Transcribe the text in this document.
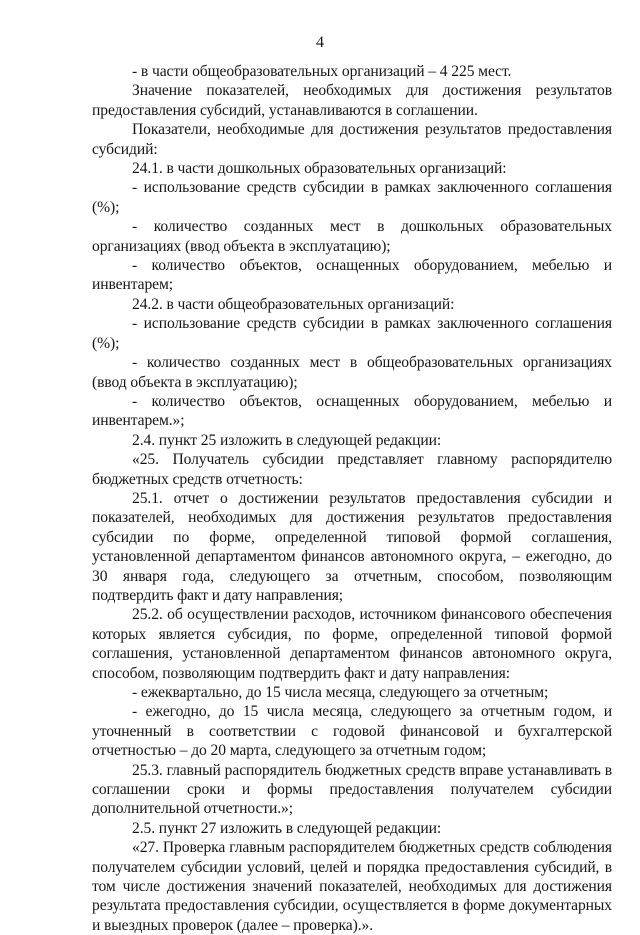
4

- в части общеобразовательных организаций – 4 225 мест.

Значение показателей, необходимых для достижения результатов предоставления субсидий, устанавливаются в соглашении.

Показатели, необходимые для достижения результатов предоставления субсидий:

24.1. в части дошкольных образовательных организаций:

- использование средств субсидии в рамках заключенного соглашения (%);

- количество созданных мест в дошкольных образовательных организациях (ввод объекта в эксплуатацию);

- количество объектов, оснащенных оборудованием, мебелью и инвентарем;

24.2. в части общеобразовательных организаций:

- использование средств субсидии в рамках заключенного соглашения (%);

- количество созданных мест в общеобразовательных организациях (ввод объекта в эксплуатацию);

- количество объектов, оснащенных оборудованием, мебелью и инвентарем.»;

2.4. пункт 25 изложить в следующей редакции:

«25. Получатель субсидии представляет главному распорядителю бюджетных средств отчетность:

25.1. отчет о достижении результатов предоставления субсидии и показателей, необходимых для достижения результатов предоставления субсидии по форме, определенной типовой формой соглашения, установленной департаментом финансов автономного округа, – ежегодно, до 30 января года, следующего за отчетным, способом, позволяющим подтвердить факт и дату направления;

25.2. об осуществлении расходов, источником финансового обеспечения которых является субсидия, по форме, определенной типовой формой соглашения, установленной департаментом финансов автономного округа, способом, позволяющим подтвердить факт и дату направления:

- ежеквартально, до 15 числа месяца, следующего за отчетным;

- ежегодно, до 15 числа месяца, следующего за отчетным годом, и уточненный в соответствии с годовой финансовой и бухгалтерской отчетностью – до 20 марта, следующего за отчетным годом;

25.3. главный распорядитель бюджетных средств вправе устанавливать в соглашении сроки и формы предоставления получателем субсидии дополнительной отчетности.»;

2.5. пункт 27 изложить в следующей редакции:

«27. Проверка главным распорядителем бюджетных средств соблюдения получателем субсидии условий, целей и порядка предоставления субсидий, в том числе достижения значений показателей, необходимых для достижения результата предоставления субсидии, осуществляется в форме документарных и выездных проверок (далее – проверка).».
